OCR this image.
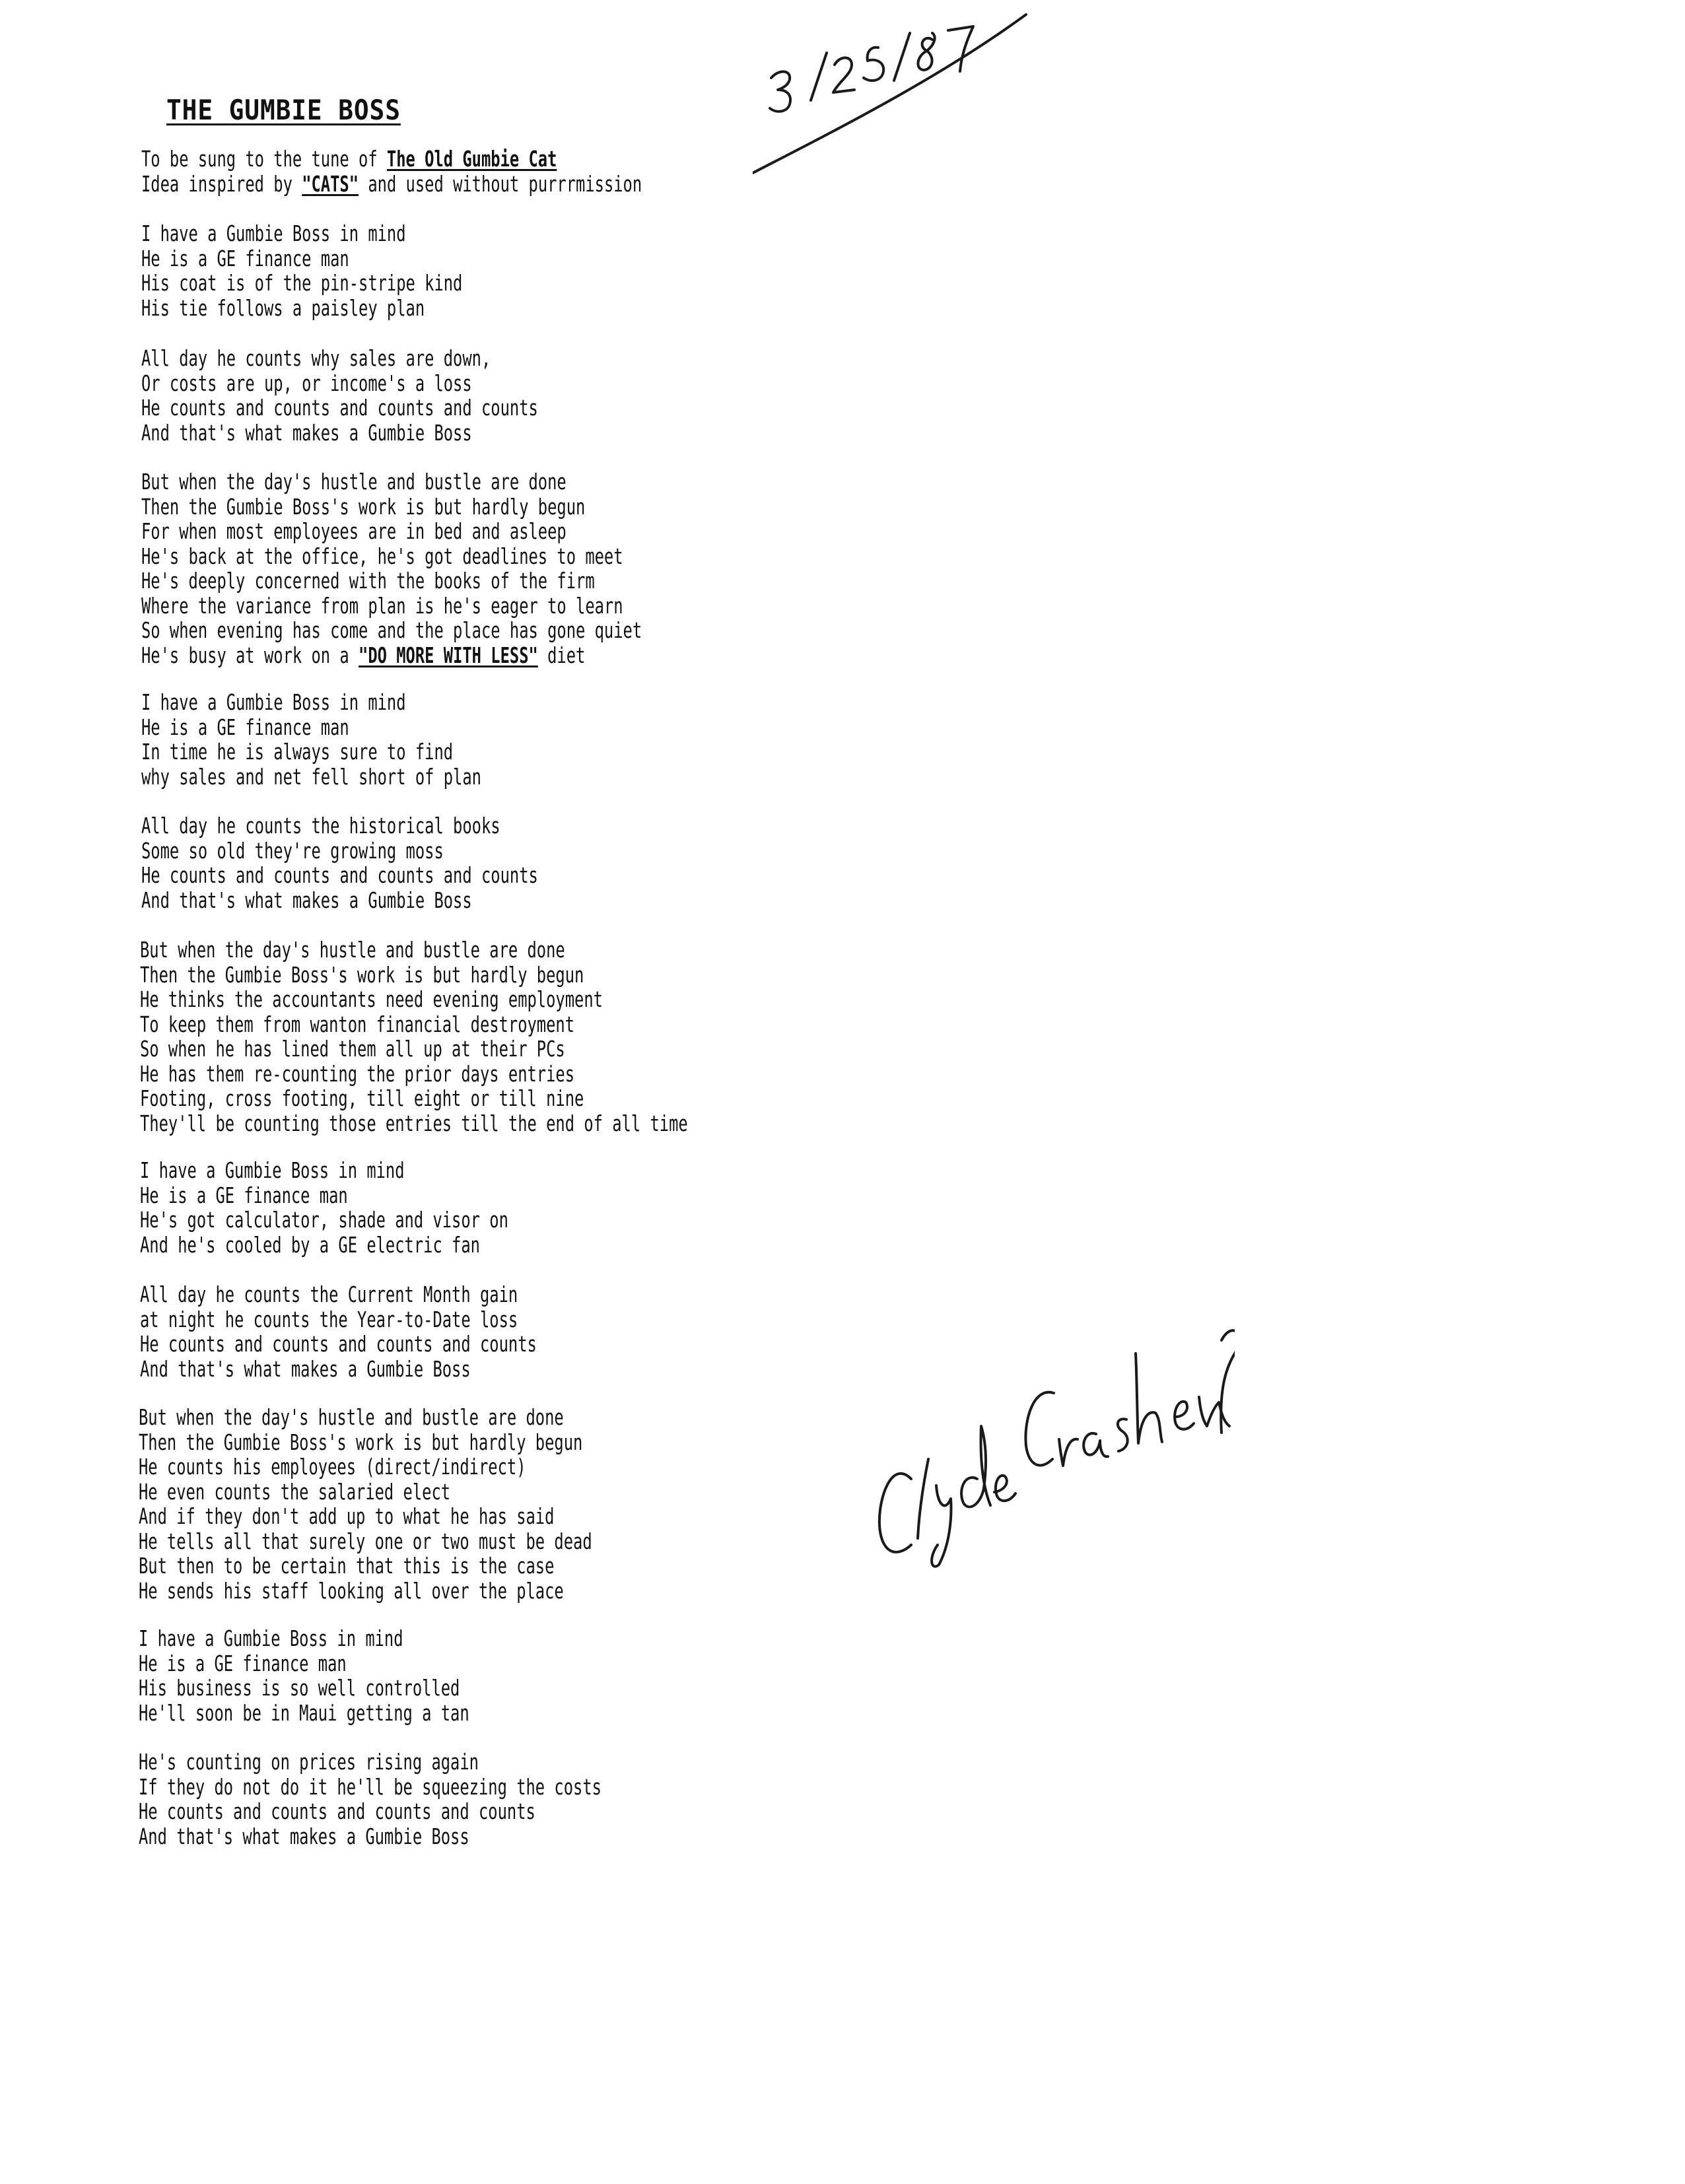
THE GUMBIE BOSS
To be sung to the tune of The Old Gumbie Cat
Idea inspired by "CATS" and used without purrrmission
I have a Gumbie Boss in mind
He is a GE finance man
His coat is of the pin-stripe kind
His tie follows a paisley plan
All day he counts why sales are down,
Or costs are up, or income's a loss
He counts and counts and counts and counts
And that's what makes a Gumbie Boss
But when the day's hustle and bustle are done
Then the Gumbie Boss's work is but hardly begun
For when most employees are in bed and asleep
He's back at the office, he's got deadlines to meet
He's deeply concerned with the books of the firm
Where the variance from plan is he's eager to learn
So when evening has come and the place has gone quiet
He's busy at work on a "DO MORE WITH LESS" diet
I have a Gumbie Boss in mind
He is a GE finance man
In time he is always sure to find
why sales and net fell short of plan
All day he counts the historical books
Some so old they're growing moss
He counts and counts and counts and counts
And that's what makes a Gumbie Boss
But when the day's hustle and bustle are done
Then the Gumbie Boss's work is but hardly begun
He thinks the accountants need evening employment
To keep them from wanton financial destroyment
So when he has lined them all up at their PCs
He has them re-counting the prior days entries
Footing, cross footing, till eight or till nine
They'll be counting those entries till the end of all time
I have a Gumbie Boss in mind
He is a GE finance man
He's got calculator, shade and visor on
And he's cooled by a GE electric fan
All day he counts the Current Month gain
at night he counts the Year-to-Date loss
He counts and counts and counts and counts
And that's what makes a Gumbie Boss
But when the day's hustle and bustle are done
Then the Gumbie Boss's work is but hardly begun
He counts his employees (direct/indirect)
He even counts the salaried elect
And if they don't add up to what he has said
He tells all that surely one or two must be dead
But then to be certain that this is the case
He sends his staff looking all over the place
I have a Gumbie Boss in mind
He is a GE finance man
His business is so well controlled
He'll soon be in Maui getting a tan
He's counting on prices rising again
If they do not do it he'll be squeezing the costs
He counts and counts and counts and counts
And that's what makes a Gumbie Boss
